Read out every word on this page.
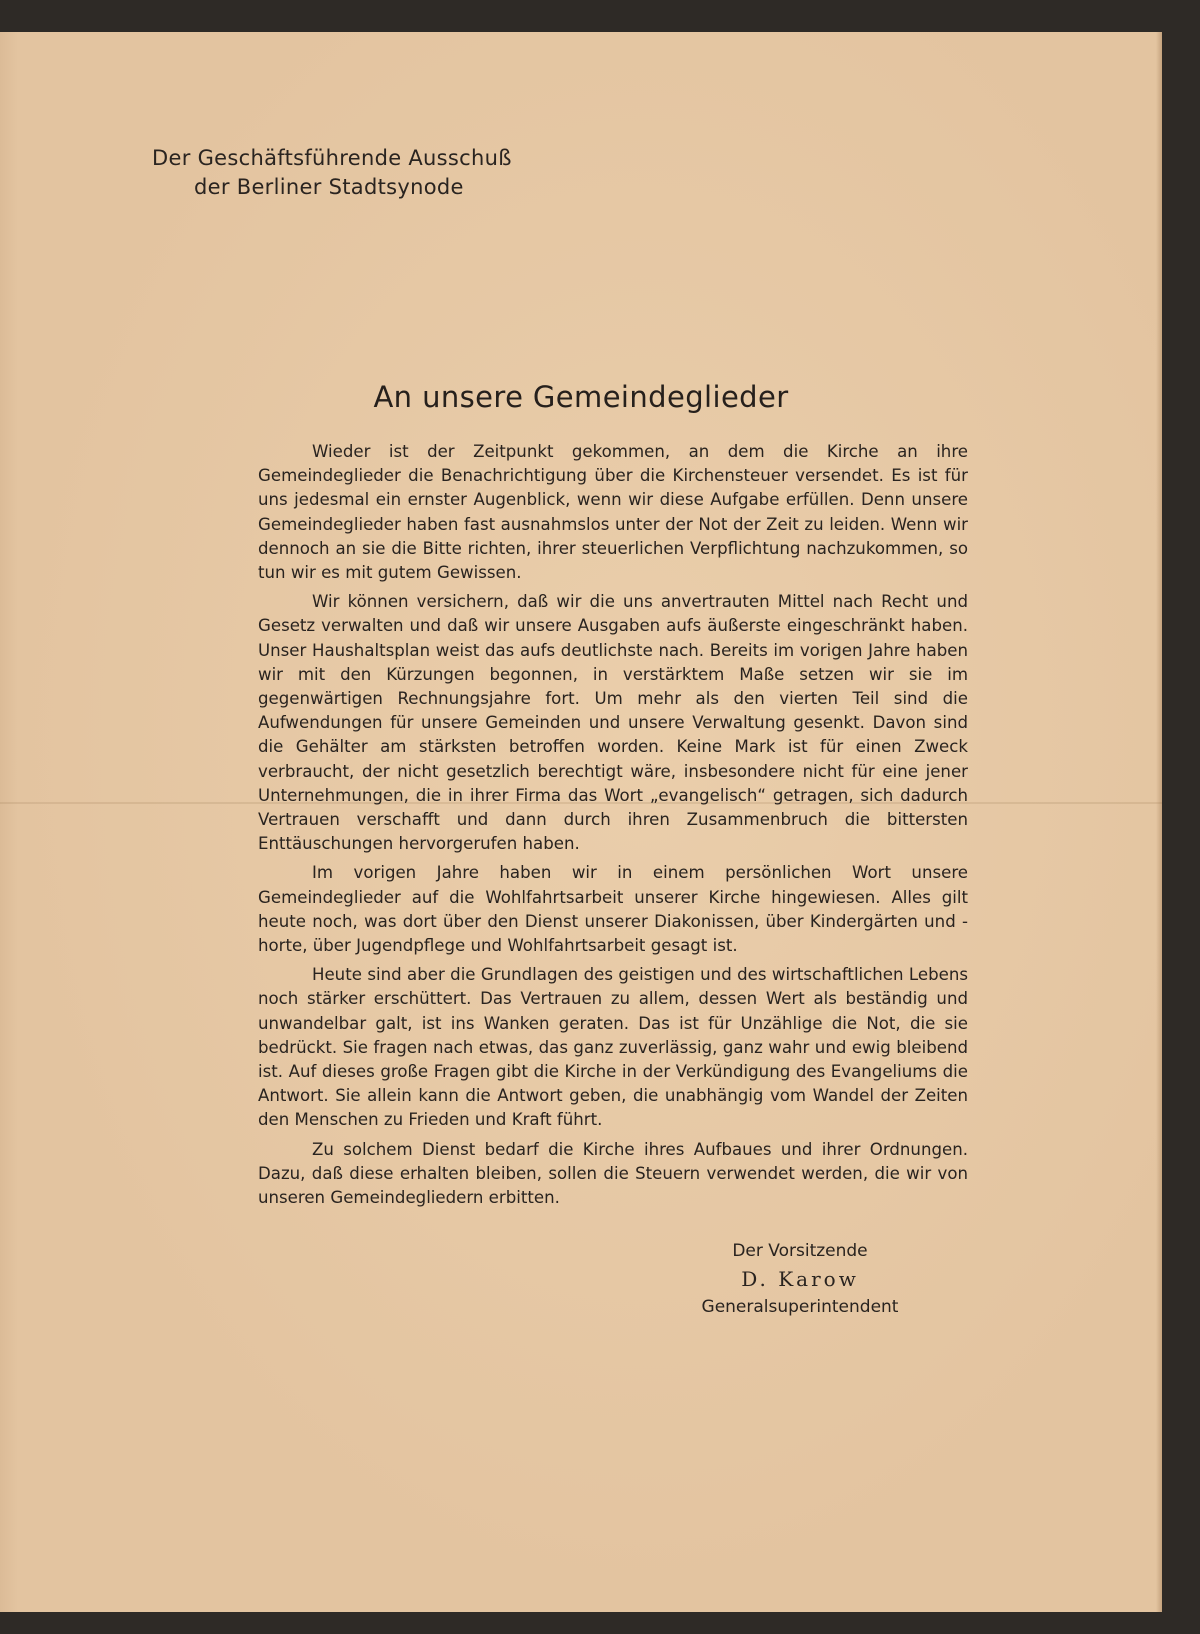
Der Geschäftsführende Ausschuß
der Berliner Stadtsynode
An unsere Gemeindeglieder

Wieder ist der Zeitpunkt gekommen, an dem die Kirche an ihre Gemeindeglieder die Benachrichtigung über die Kirchensteuer versendet. Es ist für uns jedesmal ein ernster Augenblick, wenn wir diese Aufgabe erfüllen. Denn unsere Gemeindeglieder haben fast ausnahmslos unter der Not der Zeit zu leiden. Wenn wir dennoch an sie die Bitte richten, ihrer steuerlichen Verpflichtung nachzukommen, so tun wir es mit gutem Gewissen.

Wir können versichern, daß wir die uns anvertrauten Mittel nach Recht und Gesetz verwalten und daß wir unsere Ausgaben aufs äußerste eingeschränkt haben. Unser Haushaltsplan weist das aufs deutlichste nach. Bereits im vorigen Jahre haben wir mit den Kürzungen begonnen, in verstärktem Maße setzen wir sie im gegenwärtigen Rechnungsjahre fort. Um mehr als den vierten Teil sind die Aufwendungen für unsere Gemeinden und unsere Verwaltung gesenkt. Davon sind die Gehälter am stärksten betroffen worden. Keine Mark ist für einen Zweck verbraucht, der nicht gesetzlich berechtigt wäre, insbesondere nicht für eine jener Unternehmungen, die in ihrer Firma das Wort „evangelisch“ getragen, sich dadurch Vertrauen verschafft und dann durch ihren Zusammenbruch die bittersten Enttäuschungen hervorgerufen haben.

Im vorigen Jahre haben wir in einem persönlichen Wort unsere Gemeindeglieder auf die Wohlfahrtsarbeit unserer Kirche hingewiesen. Alles gilt heute noch, was dort über den Dienst unserer Diakonissen, über Kindergärten und -horte, über Jugendpflege und Wohlfahrtsarbeit gesagt ist.

Heute sind aber die Grundlagen des geistigen und des wirtschaftlichen Lebens noch stärker erschüttert. Das Vertrauen zu allem, dessen Wert als beständig und unwandelbar galt, ist ins Wanken geraten. Das ist für Unzählige die Not, die sie bedrückt. Sie fragen nach etwas, das ganz zuverlässig, ganz wahr und ewig bleibend ist. Auf dieses große Fragen gibt die Kirche in der Verkündigung des Evangeliums die Antwort. Sie allein kann die Antwort geben, die unabhängig vom Wandel der Zeiten den Menschen zu Frieden und Kraft führt.

Zu solchem Dienst bedarf die Kirche ihres Aufbaues und ihrer Ordnungen. Dazu, daß diese erhalten bleiben, sollen die Steuern verwendet werden, die wir von unseren Gemeindegliedern erbitten.

Der Vorsitzende
D. Karow
Generalsuperintendent
